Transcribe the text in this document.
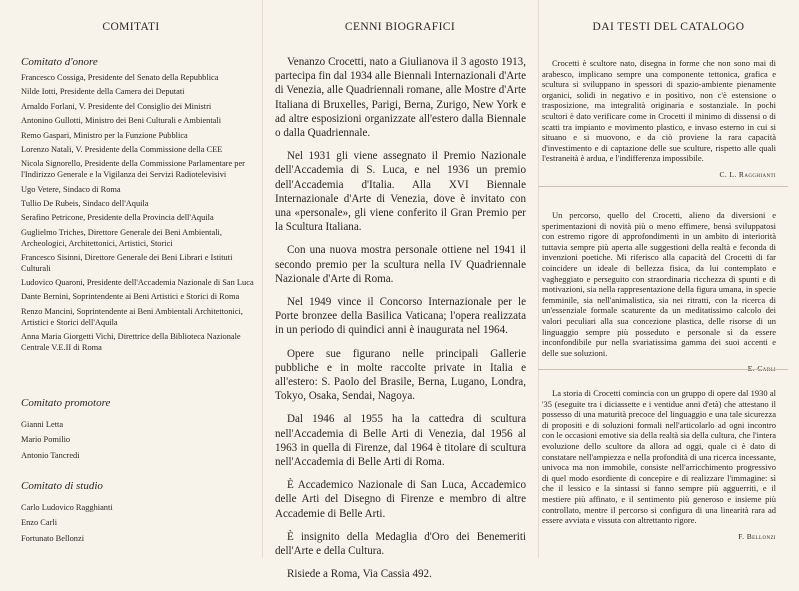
COMITATI
Comitato d'onore
Francesco Cossiga, Presidente del Senato della Repubblica
Nilde Iotti, Presidente della Camera dei Deputati
Arnaldo Forlani, V. Presidente del Consiglio dei Ministri
Antonino Gullotti, Ministro dei Beni Culturali e Ambientali
Remo Gaspari, Ministro per la Funzione Pubblica
Lorenzo Natali, V. Presidente della Commissione della CEE
Nicola Signorello, Presidente della Commissione Parlamentare per l'Indirizzo Generale e la Vigilanza dei Servizi Radiotelevisivi
Ugo Vetere, Sindaco di Roma
Tullio De Rubeis, Sindaco dell'Aquila
Serafino Petricone, Presidente della Provincia dell'Aquila
Guglielmo Triches, Direttore Generale dei Beni Ambientali, Archeologici, Architettonici, Artistici, Storici
Francesco Sisinni, Direttore Generale dei Beni Librari e Istituti Culturali
Ludovico Quaroni, Presidente dell'Accademia Nazionale di San Luca
Dante Bernini, Soprintendente ai Beni Artistici e Storici di Roma
Renzo Mancini, Soprintendente ai Beni Ambientali Architettonici, Artistici e Storici dell'Aquila
Anna Maria Giorgetti Vichi, Direttrice della Biblioteca Nazionale Centrale V.E.II di Roma
Comitato promotore
Gianni Letta
Mario Pomilio
Antonio Tancredi
Comitato di studio
Carlo Ludovico Ragghianti
Enzo Carli
Fortunato Bellonzi
CENNI BIOGRAFICI

Venanzo Crocetti, nato a Giulianova il 3 agosto 1913, partecipa fin dal 1934 alle Biennali Internazionali d'Arte di Venezia, alle Quadriennali romane, alle Mostre d'Arte Italiana di Bruxelles, Parigi, Berna, Zurigo, New York e ad altre esposizioni organizzate all'estero dalla Biennale o dalla Quadriennale.

Nel 1931 gli viene assegnato il Premio Nazionale dell'Accademia di S. Luca, e nel 1936 un premio dell'Accademia d'Italia. Alla XVI Biennale Internazionale d'Arte di Venezia, dove è invitato con una «personale», gli viene conferito il Gran Premio per la Scultura Italiana.

Con una nuova mostra personale ottiene nel 1941 il secondo premio per la scultura nella IV Quadriennale Nazionale d'Arte di Roma.

Nel 1949 vince il Concorso Internazionale per le Porte bronzee della Basilica Vaticana; l'opera realizzata in un periodo di quindici anni è inaugurata nel 1964.

Opere sue figurano nelle principali Gallerie pubbliche e in molte raccolte private in Italia e all'estero: S. Paolo del Brasile, Berna, Lugano, Londra, Tokyo, Osaka, Sendai, Nagoya.

Dal 1946 al 1955 ha la cattedra di scultura nell'Accademia di Belle Arti di Venezia, dal 1956 al 1963 in quella di Firenze, dal 1964 è titolare di scultura nell'Accademia di Belle Arti di Roma.

È Accademico Nazionale di San Luca, Accademico delle Arti del Disegno di Firenze e membro di altre Accademie di Belle Arti.

È insignito della Medaglia d'Oro dei Benemeriti dell'Arte e della Cultura.

Risiede a Roma, Via Cassia 492.

DAI TESTI DEL CATALOGO

Crocetti è scultore nato, disegna in forme che non sono mai di arabesco, implicano sempre una componente tettonica, grafica e scultura si sviluppano in spessori di spazio-ambiente pienamente organici, solidi in negativo e in positivo, non c'è estensione o trasposizione, ma integralità originaria e sostanziale. In pochi scultori è dato verificare come in Crocetti il minimo di dissensi o di scatti tra impianto e movimento plastico, e invaso esterno in cui si situano e si muovono, e da ciò proviene la rara capacità d'investimento e di captazione delle sue sculture, rispetto alle quali l'estraneità è ardua, e l'indifferenza impossibile.

C. L. Ragghianti

Un percorso, quello del Crocetti, alieno da diversioni e sperimentazioni di novità più o meno effimere, bensì sviluppatosi con estremo rigore di approfondimenti in un ambito di interiorità tuttavia sempre più aperta alle suggestioni della realtà e feconda di invenzioni poetiche. Mi riferisco alla capacità del Crocetti di far coincidere un ideale di bellezza fisica, da lui contemplato e vagheggiato e perseguito con straordinaria ricchezza di spunti e di motivazioni, sia nella rappresentazione della figura umana, in specie femminile, sia nell'animalistica, sia nei ritratti, con la ricerca di un'essenziale formale scaturente da un meditatissimo calcolo dei valori peculiari alla sua concezione plastica, delle risorse di un linguaggio sempre più posseduto e personale sì da essere inconfondibile pur nella svariatissima gamma dei suoi accenti e delle sue soluzioni.

La storia di Crocetti comincia con un gruppo di opere dal 1930 al '35 (eseguite tra i diciassette e i ventidue anni d'età) che attestano il possesso di una maturità precoce del linguaggio e una tale sicurezza di propositi e di soluzioni formali nell'articolarlo ad ogni incontro con le occasioni emotive sia della realtà sia della cultura, che l'intera evoluzione dello scultore da allora ad oggi, quale ci è dato di constatare nell'ampiezza e nella profondità di una ricerca incessante, univoca ma non immobile, consiste nell'arricchimento progressivo di quel modo esordiente di concepire e di realizzare l'immagine: sì che il lessico e la sintassi si fanno sempre più agguerriti, e il mestiere più affinato, e il sentimento più generoso e insieme più controllato, mentre il percorso si configura di una linearità rara ad essere avviata e vissuta con altrettanto rigore.

F. Bellonzi
